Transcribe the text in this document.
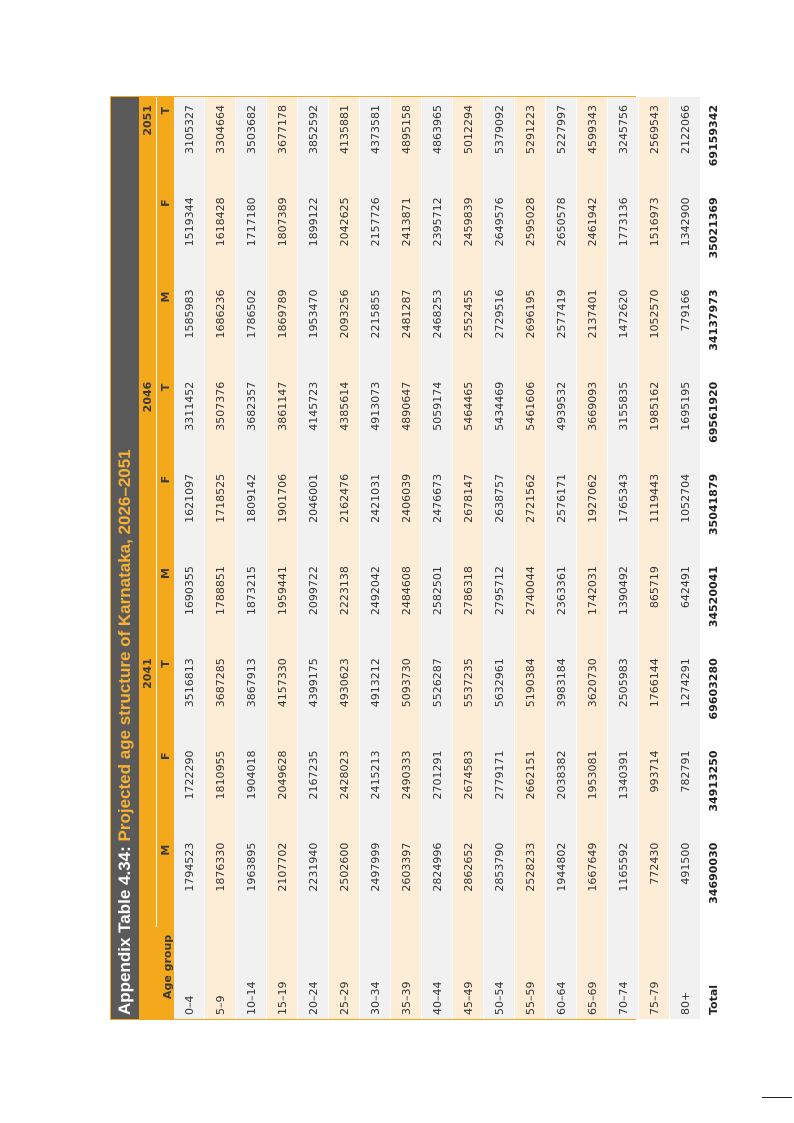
Appendix Table 4.34: Projected age structure of Karnataka, 2026–2051
Age group	2041			2046			2051		
	M	F	T	M	F	T	M	F	T
0–4	1794523	1722290	3516813	1690355	1621097	3311452	1585983	1519344	3105327
5–9	1876330	1810955	3687285	1788851	1718525	3507376	1686236	1618428	3304664
10–14	1963895	1904018	3867913	1873215	1809142	3682357	1786502	1717180	3503682
15–19	2107702	2049628	4157330	1959441	1901706	3861147	1869789	1807389	3677178
20–24	2231940	2167235	4399175	2099722	2046001	4145723	1953470	1899122	3852592
25–29	2502600	2428023	4930623	2223138	2162476	4385614	2093256	2042625	4135881
30–34	2497999	2415213	4913212	2492042	2421031	4913073	2215855	2157726	4373581
35–39	2603397	2490333	5093730	2484608	2406039	4890647	2481287	2413871	4895158
40–44	2824996	2701291	5526287	2582501	2476673	5059174	2468253	2395712	4863965
45–49	2862652	2674583	5537235	2786318	2678147	5464465	2552455	2459839	5012294
50–54	2853790	2779171	5632961	2795712	2638757	5434469	2729516	2649576	5379092
55–59	2528233	2662151	5190384	2740044	2721562	5461606	2696195	2595028	5291223
60–64	1944802	2038382	3983184	2363361	2576171	4939532	2577419	2650578	5227997
65–69	1667649	1953081	3620730	1742031	1927062	3669093	2137401	2461942	4599343
70–74	1165592	1340391	2505983	1390492	1765343	3155835	1472620	1773136	3245756
75–79	772430	993714	1766144	865719	1119443	1985162	1052570	1516973	2569543
80+	491500	782791	1274291	642491	1052704	1695195	779166	1342900	2122066
Total	34690030	34913250	69603280	34520041	35041879	69561920	34137973	35021369	69159342
